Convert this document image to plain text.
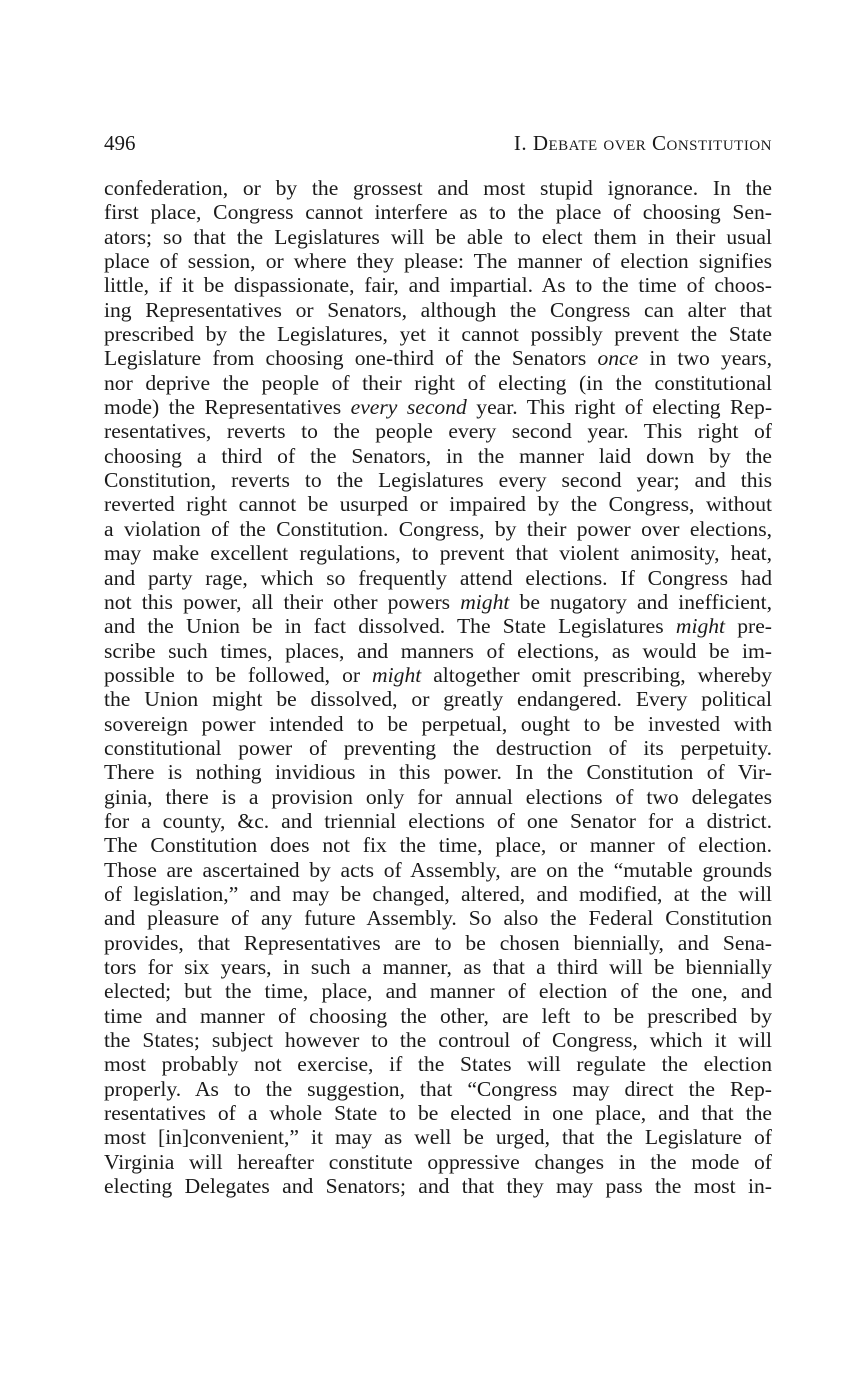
496	I. Debate over Constitution
confederation, or by the grossest and most stupid ignorance. In the
first place, Congress cannot interfere as to the place of choosing Sen-
ators; so that the Legislatures will be able to elect them in their usual
place of session, or where they please: The manner of election signifies
little, if it be dispassionate, fair, and impartial. As to the time of choos-
ing Representatives or Senators, although the Congress can alter that
prescribed by the Legislatures, yet it cannot possibly prevent the State
Legislature from choosing one-third of the Senators once in two years,
nor deprive the people of their right of electing (in the constitutional
mode) the Representatives every second year. This right of electing Rep-
resentatives, reverts to the people every second year. This right of
choosing a third of the Senators, in the manner laid down by the
Constitution, reverts to the Legislatures every second year; and this
reverted right cannot be usurped or impaired by the Congress, without
a violation of the Constitution. Congress, by their power over elections,
may make excellent regulations, to prevent that violent animosity, heat,
and party rage, which so frequently attend elections. If Congress had
not this power, all their other powers might be nugatory and inefficient,
and the Union be in fact dissolved. The State Legislatures might pre-
scribe such times, places, and manners of elections, as would be im-
possible to be followed, or might altogether omit prescribing, whereby
the Union might be dissolved, or greatly endangered. Every political
sovereign power intended to be perpetual, ought to be invested with
constitutional power of preventing the destruction of its perpetuity.
There is nothing invidious in this power. In the Constitution of Vir-
ginia, there is a provision only for annual elections of two delegates
for a county, &c. and triennial elections of one Senator for a district.
The Constitution does not fix the time, place, or manner of election.
Those are ascertained by acts of Assembly, are on the “mutable grounds
of legislation,” and may be changed, altered, and modified, at the will
and pleasure of any future Assembly. So also the Federal Constitution
provides, that Representatives are to be chosen biennially, and Sena-
tors for six years, in such a manner, as that a third will be biennially
elected; but the time, place, and manner of election of the one, and
time and manner of choosing the other, are left to be prescribed by
the States; subject however to the controul of Congress, which it will
most probably not exercise, if the States will regulate the election
properly. As to the suggestion, that “Congress may direct the Rep-
resentatives of a whole State to be elected in one place, and that the
most [in]convenient,” it may as well be urged, that the Legislature of
Virginia will hereafter constitute oppressive changes in the mode of
electing Delegates and Senators; and that they may pass the most in-
